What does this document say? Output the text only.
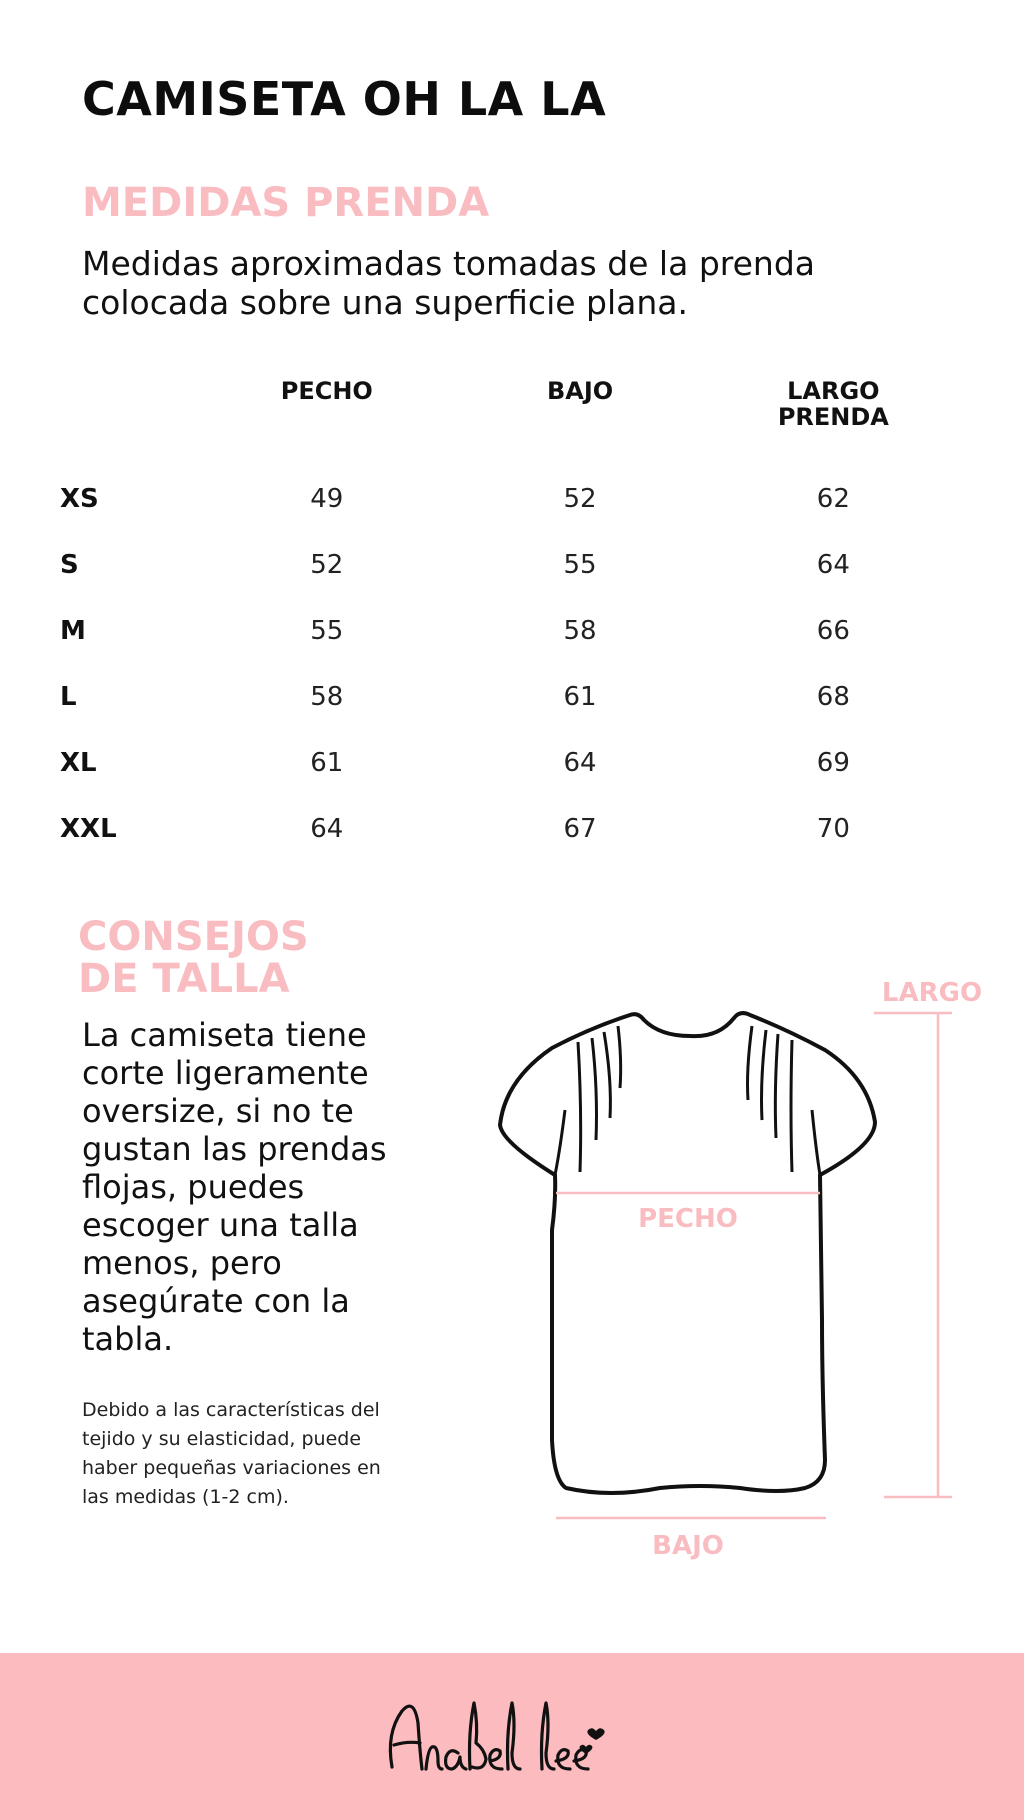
CAMISETA OH LA LA
MEDIDAS PRENDA
Medidas aproximadas tomadas de la prenda colocada sobre una superficie plana.
	PECHO	BAJO	LARGO PRENDA
XS	49	52	62
S	52	55	64
M	55	58	66
L	58	61	68
XL	61	64	69
XXL	64	67	70
CONSEJOS
DE TALLA
La camiseta tiene corte ligeramente oversize, si no te gustan las prendas flojas, puedes escoger una talla menos, pero asegúrate con la tabla.
Debido a las características del tejido y su elasticidad, puede haber pequeñas variaciones en las medidas (1-2 cm).
PECHO
BAJO
LARGO
